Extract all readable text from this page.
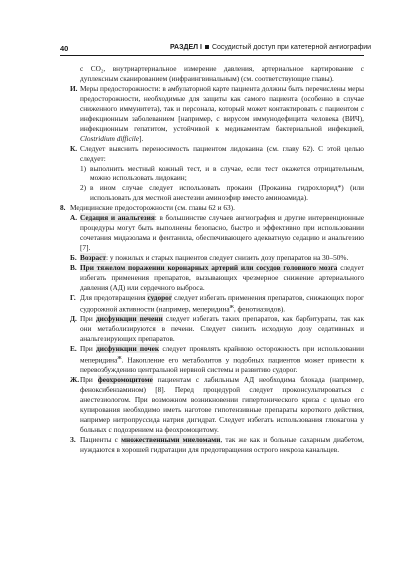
40	РАЗДЕЛ I Сосудистый доступ при катетерной ангиографии
с CO₂, внутриартериальное измерение давления, артериальное картирование с дуплексным сканированием (инфраингвинальным) (см. соответствующие главы).
И. Меры предосторожности: в амбулаторной карте пациента должны быть перечислены меры предосторожности, необходимые для защиты как самого пациента (особенно в случае сниженного иммунитета), так и персонала, который может контактировать с пациентом с инфекционным заболеванием [например, с вирусом иммунодефицита человека (ВИЧ), инфекционным гепатитом, устойчивой к медикаментам бактериальной инфекцией, Clostridium difficile].
К. Следует выяснить переносимость пациентом лидокаина (см. главу 62). С этой целью следует:
1) выполнить местный кожный тест, и в случае, если тест окажется отрицательным, можно использовать лидокаин;
2) в ином случае следует использовать прокаин (Прокаина гидрохлорид*) (или использовать для местной анестезии аминоэфир вместо аминоамида).
8. Медицинские предосторожности (см. главы 62 и 63).
А. Седация и анальгезия: в большинстве случаев ангиография и другие интервенционные процедуры могут быть выполнены безопасно, быстро и эффективно при использовании сочетания мидазолама и фентанила, обеспечивающего адекватную седацию и анальгезию [7].
Б. Возраст: у пожилых и старых пациентов следует снизить дозу препаратов на 30–50%.
В. При тяжелом поражении коронарных артерий или сосудов головного мозга следует избегать применения препаратов, вызывающих чрезмерное снижение артериального давления (АД) или сердечного выброса.
Г. Для предотвращения судорог следует избегать применения препаратов, снижающих порог судорожной активности (например, меперидина$^ж$, фенотиазидов).
Д. При дисфункции печени следует избегать таких препаратов, как барбитураты, так как они метаболизируются в печени. Следует снизить исходную дозу седативных и анальгезирующих препаратов.
Е. При дисфункции почек следует проявлять крайнюю осторожность при использовании меперидина$^ж$. Накопление его метаболитов у подобных пациентов может привести к перевозбуждению центральной нервной системы и развитию судорог.
Ж. При феохромоцитоме пациентам с лабильным АД необходима блокада (например, феноксибензамином) [8]. Перед процедурой следует проконсультироваться с анестезиологом. При возможном возникновении гипертонического криза с целью его купирования необходимо иметь наготове гипотензивные препараты короткого действия, например нитропруссида натрия дигидрат. Следует избегать использования глюкагона у больных с подозрением на феохромоцитому.
З. Пациенты с множественными миеломами, так же как и больные сахарным диабетом, нуждаются в хорошей гидратации для предотвращения острого некроза канальцев.
